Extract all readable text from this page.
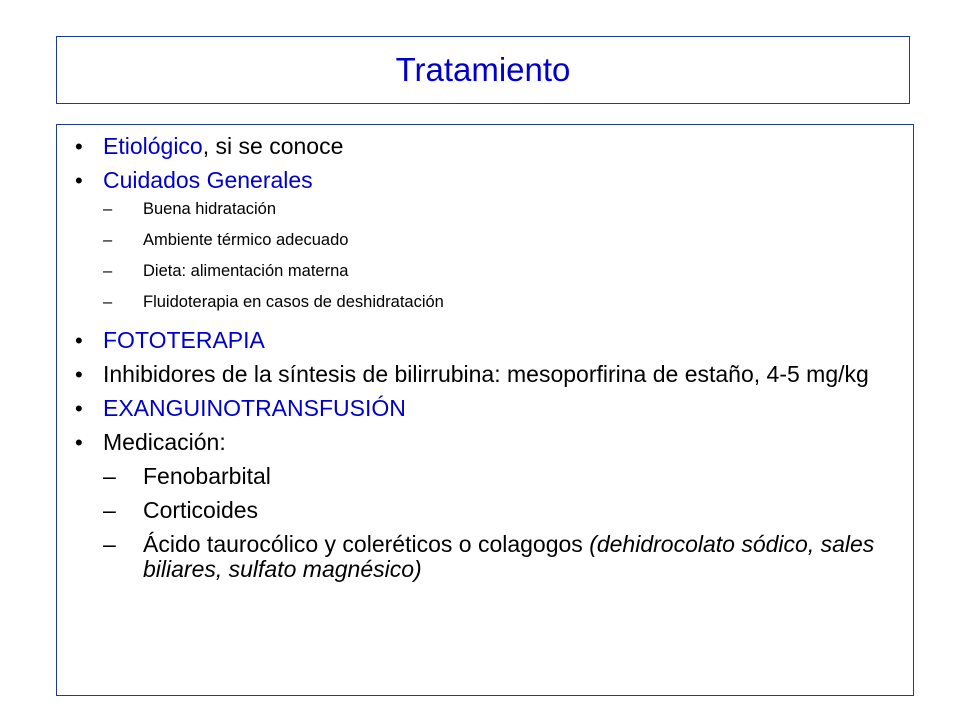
Tratamiento
• Etiológico, si se conoce
• Cuidados Generales
– Buena hidratación
– Ambiente térmico adecuado
– Dieta: alimentación materna
– Fluidoterapia en casos de deshidratación
• FOTOTERAPIA
• Inhibidores de la síntesis de bilirrubina: mesoporfirina de estaño, 4-5 mg/kg
• EXANGUINOTRANSFUSIÓN
• Medicación:
– Fenobarbital
– Corticoides
– Ácido taurocólico y coleréticos o colagogos (dehidrocolato sódico, sales biliares, sulfato magnésico)
